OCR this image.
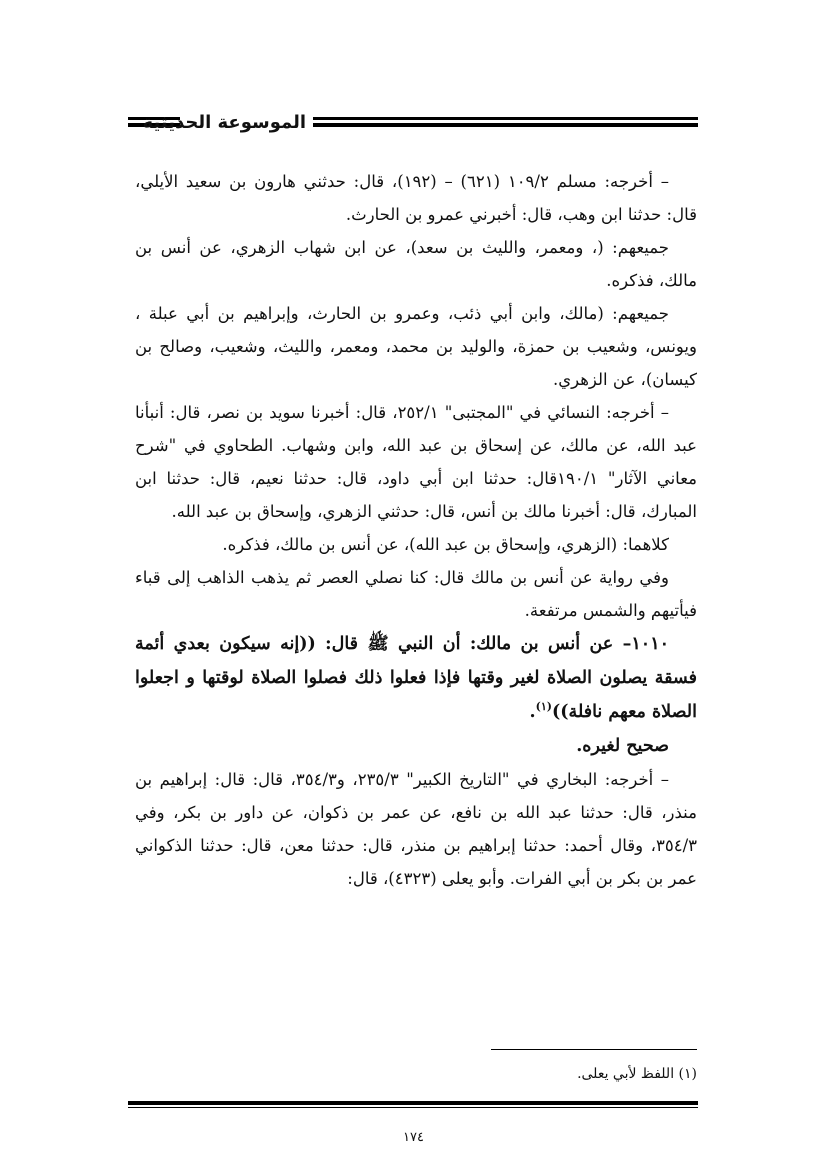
الموسوعة الحديثية

– أخرجه: مسلم ١٠٩/٢ (٦٢١) – (١٩٢)، قال: حدثني هارون بن سعيد الأيلي، قال: حدثنا ابن وهب، قال: أخبرني عمرو بن الحارث.

جميعهم: (، ومعمر، والليث بن سعد)، عن ابن شهاب الزهري، عن أنس بن مالك، فذكره.

جميعهم: (مالك، وابن أبي ذئب، وعمرو بن الحارث، وإبراهيم بن أبي عبلة ، ويونس، وشعيب بن حمزة، والوليد بن محمد، ومعمر، والليث، وشعيب، وصالح بن كيسان)، عن الزهري.

– أخرجه: النسائي في "المجتبى" ٢٥٢/١، قال: أخبرنا سويد بن نصر، قال: أنبأنا عبد الله، عن مالك، عن إسحاق بن عبد الله، وابن وشهاب. الطحاوي في "شرح معاني الآثار" ١٩٠/١قال: حدثنا ابن أبي داود، قال: حدثنا نعيم، قال: حدثنا ابن المبارك، قال: أخبرنا مالك بن أنس، قال: حدثني الزهري، وإسحاق بن عبد الله.

كلاهما: (الزهري، وإسحاق بن عبد الله)، عن أنس بن مالك، فذكره.

وفي رواية عن أنس بن مالك قال: كنا نصلي العصر ثم يذهب الذاهب إلى قباء فيأتيهم والشمس مرتفعة.

١٠١٠– عن أنس بن مالك: أن النبي ﷺ قال: ((إنه سيكون بعدي أئمة فسقة يصلون الصلاة لغير وقتها فإذا فعلوا ذلك فصلوا الصلاة لوقتها و اجعلوا الصلاة معهم نافلة))$^{(١)}$.

صحيح لغيره.

– أخرجه: البخاري في "التاريخ الكبير" ٢٣٥/٣، و٣٥٤/٣، قال: قال: إبراهيم بن منذر، قال: حدثنا عبد الله بن نافع، عن عمر بن ذكوان، عن داور بن بكر، وفي ٣٥٤/٣، وقال أحمد: حدثنا إبراهيم بن منذر، قال: حدثنا معن، قال: حدثنا الذكواني عمر بن بكر بن أبي الفرات. وأبو يعلى (٤٣٢٣)، قال:

(١) اللفظ لأبي يعلى.
١٧٤
